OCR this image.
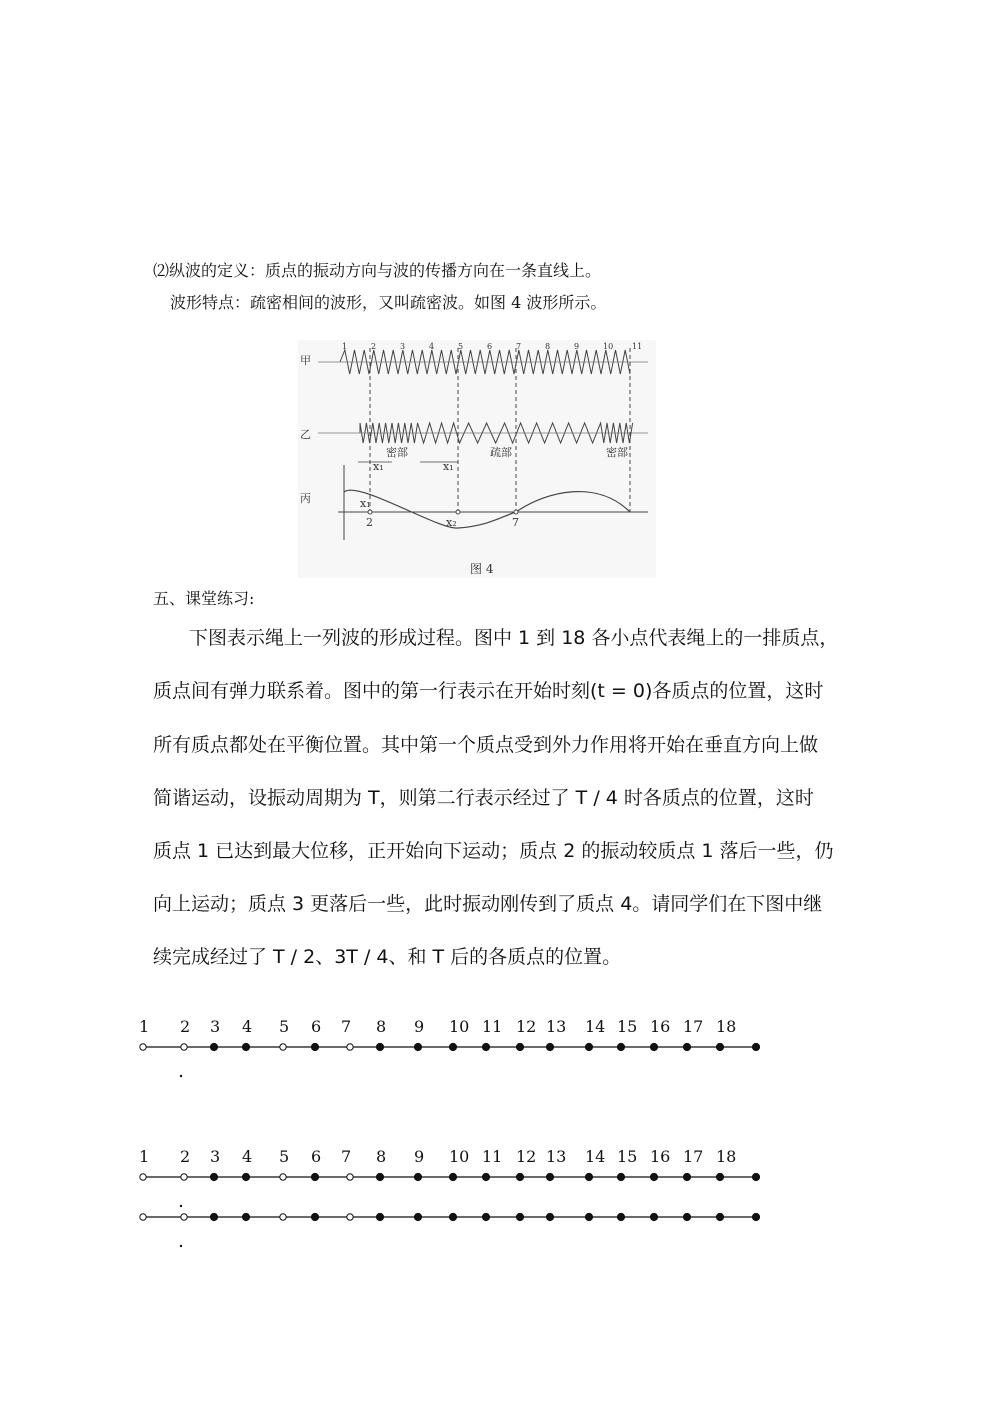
⑵纵波的定义：质点的振动方向与波的传播方向在一条直线上。
波形特点：疏密相间的波形，又叫疏密波。如图 4 波形所示。
1	2	3	4	5	6	7	8	9	10 11
甲
乙
丙
密部	疏部	密部
x₁	x₁
x₁
2	x₂	7
图 4
五、课堂练习:
下图表示绳上一列波的形成过程。图中 1 到 18 各小点代表绳上的一排质点，
质点间有弹力联系着。图中的第一行表示在开始时刻(t = 0)各质点的位置，这时
所有质点都处在平衡位置。其中第一个质点受到外力作用将开始在垂直方向上做
简谐运动，设振动周期为 T，则第二行表示经过了 T / 4 时各质点的位置，这时
质点 1 已达到最大位移，正开始向下运动；质点 2 的振动较质点 1 落后一些，仍
向上运动；质点 3 更落后一些，此时振动刚传到了质点 4。请同学们在下图中继
续完成经过了 T / 2、3T / 4、和 T 后的各质点的位置。
1 2 3 4 5 6 7 8 9 10 11 12 13 14 15 16 17 18
1 2 3 4 5 6 7 8 9 10 11 12 13 14 15 16 17 18
